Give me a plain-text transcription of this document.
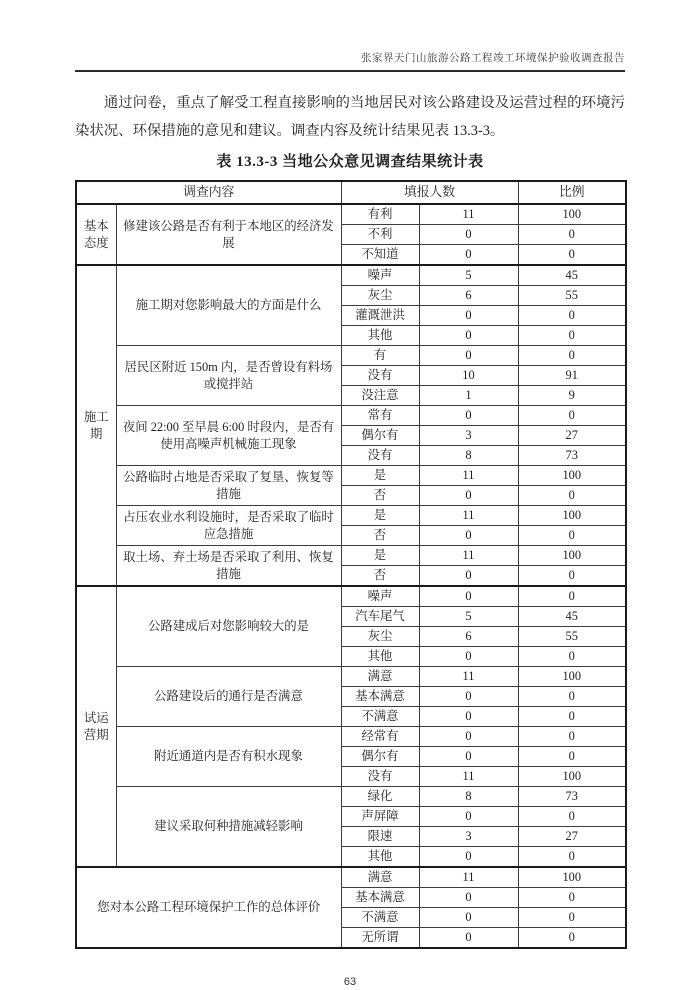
张家界天门山旅游公路工程竣工环境保护验收调查报告

通过问卷，重点了解受工程直接影响的当地居民对该公路建设及运营过程的环境污染状况、环保措施的意见和建议。调查内容及统计结果见表 13.3-3。

表 13.3-3 当地公众意见调查结果统计表
调查内容		填报人数		比例
基本态度	修建该公路是否有利于本地区的经济发展	有利	11	100
		不利	0	0
		不知道	0	0
施工期	施工期对您影响最大的方面是什么	噪声	5	45
		灰尘	6	55
		灌溉泄洪	0	0
		其他	0	0
	居民区附近 150m 内，是否曾设有料场或搅拌站	有	0	0
		没有	10	91
		没注意	1	9
	夜间 22:00 至早晨 6:00 时段内，是否有使用高噪声机械施工现象	常有	0	0
		偶尔有	3	27
		没有	8	73
	公路临时占地是否采取了复垦、恢复等措施	是	11	100
		否	0	0
	占压农业水利设施时，是否采取了临时应急措施	是	11	100
		否	0	0
	取土场、弃土场是否采取了利用、恢复措施	是	11	100
		否	0	0
试运营期	公路建成后对您影响较大的是	噪声	0	0
		汽车尾气	5	45
		灰尘	6	55
		其他	0	0
	公路建设后的通行是否满意	满意	11	100
		基本满意	0	0
		不满意	0	0
	附近通道内是否有积水现象	经常有	0	0
		偶尔有	0	0
		没有	11	100
	建议采取何种措施减轻影响	绿化	8	73
		声屏障	0	0
		限速	3	27
		其他	0	0
您对本公路工程环境保护工作的总体评价		满意	11	100
		基本满意	0	0
		不满意	0	0
		无所谓	0	0
63
